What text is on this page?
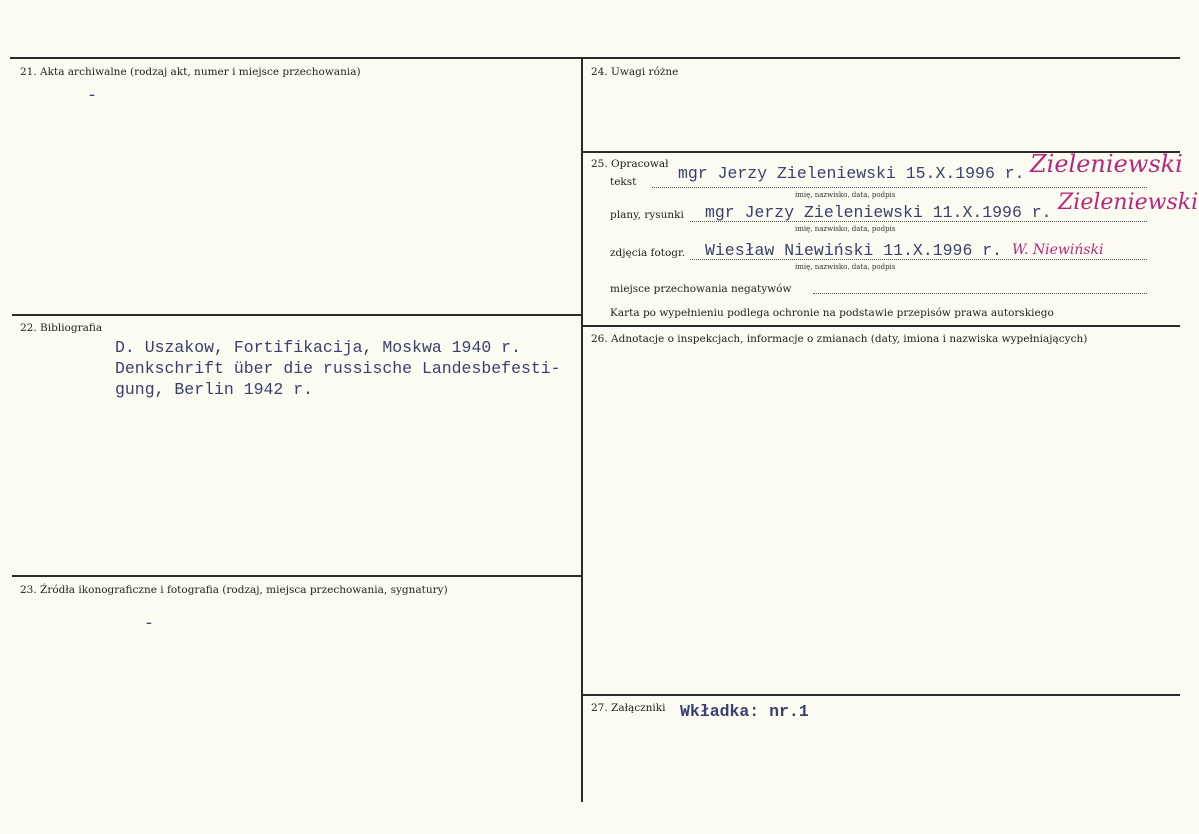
21. Akta archiwalne (rodzaj akt, numer i miejsce przechowania)
-
22. Bibliografia
D. Uszakow, Fortifikacija, Moskwa 1940 r.
Denkschrift über die russische Landesbefesti-
gung, Berlin 1942 r.
23. Źródła ikonograficzne i fotografia (rodzaj, miejsca przechowania, sygnatury)
-
24. Uwagi różne
25. Opracował
tekst	mgr Jerzy Zieleniewski 15.X.1996 r. Zieleniewski
imię, nazwisko, data, podpis
plany, rysunki mgr Jerzy Zieleniewski 11.X.1996 r. Zieleniewski
imię, nazwisko, data, podpis
zdjęcia fotogr. Wiesław Niewiński 11.X.1996 r. W. Niewiński
imię, nazwisko, data, podpis
miejsce przechowania negatywów
Karta po wypełnieniu podlega ochronie na podstawie przepisów prawa autorskiego
26. Adnotacje o inspekcjach, informacje o zmianach (daty, imiona i nazwiska wypełniających)
27. Załączniki Wkładka: nr.1
